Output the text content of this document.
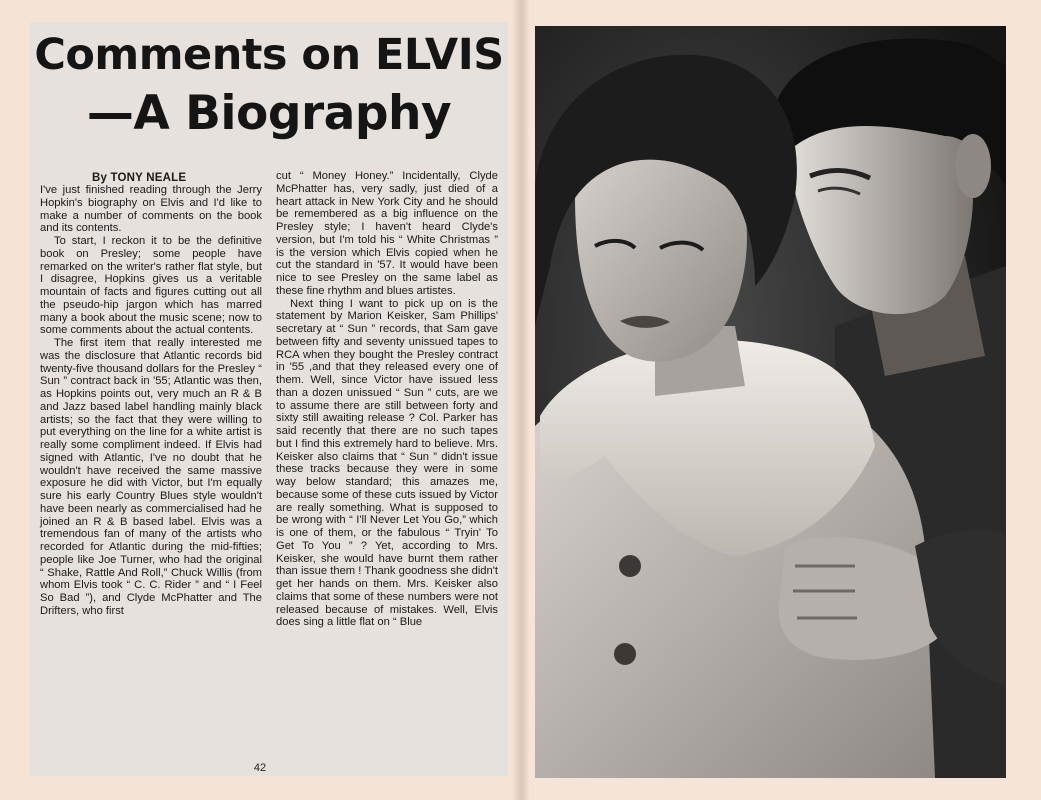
Comments on ELVIS
—A Biography
By TONY NEALE

I've just finished reading through the Jerry Hopkin's biography on Elvis and I'd like to make a number of comments on the book and its contents.

To start, I reckon it to be the definitive book on Presley; some people have remarked on the writer's rather flat style, but I disagree, Hopkins gives us a veritable mountain of facts and figures cutting out all the pseudo-hip jargon which has marred many a book about the music scene; now to some comments about the actual contents.

The first item that really interested me was the disclosure that Atlantic records bid twenty-five thousand dollars for the Presley “ Sun ” contract back in '55; Atlantic was then, as Hopkins points out, very much an R & B and Jazz based label handling mainly black artists; so the fact that they were willing to put everything on the line for a white artist is really some compliment indeed. If Elvis had signed with Atlantic, I've no doubt that he wouldn't have received the same massive exposure he did with Victor, but I'm equally sure his early Country Blues style wouldn't have been nearly as commercialised had he joined an R & B based label. Elvis was a tremendous fan of many of the artists who recorded for Atlantic during the mid-fifties; people like Joe Turner, who had the original “ Shake, Rattle And Roll,” Chuck Willis (from whom Elvis took “ C. C. Rider ” and “ I Feel So Bad ”), and Clyde McPhatter and The Drifters, who first

cut “ Money Honey.” Incidentally, Clyde McPhatter has, very sadly, just died of a heart attack in New York City and he should be remembered as a big influence on the Presley style; I haven't heard Clyde's version, but I'm told his “ White Christmas ” is the version which Elvis copied when he cut the standard in '57. It would have been nice to see Presley on the same label as these fine rhythm and blues artistes.

Next thing I want to pick up on is the statement by Marion Keisker, Sam Phillips' secretary at “ Sun ” records, that Sam gave between fifty and seventy unissued tapes to RCA when they bought the Presley contract in '55 ,and that they released every one of them. Well, since Victor have issued less than a dozen unissued “ Sun ” cuts, are we to assume there are still between forty and sixty still awaiting release ? Col. Parker has said recently that there are no such tapes but I find this extremely hard to believe. Mrs. Keisker also claims that “ Sun ” didn't issue these tracks because they were in some way below standard; this amazes me, because some of these cuts issued by Victor are really something. What is supposed to be wrong with “ I'll Never Let You Go,” which is one of them, or the fabulous “ Tryin' To Get To You ” ? Yet, according to Mrs. Keisker, she would have burnt them rather than issue them ! Thank goodness she didn't get her hands on them. Mrs. Keisker also claims that some of these numbers were not released because of mistakes. Well, Elvis does sing a little flat on “ Blue

42
